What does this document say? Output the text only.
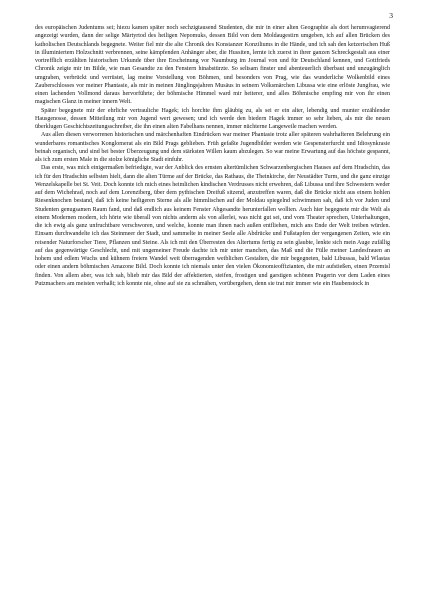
3

des europäischen Judentums sei; hiezu kamen später noch sechzigtausend Studenten, die mir in einer alten Geographie als dort herumvagierend angezeigt wurden, dann der selige Märtyrtod des heiligen Nepomuks, dessen Bild von dem Moldaugestirn umgeben, ich auf allen Brücken des katholischen Deutschlands begegnete. Weiter fiel mir die alte Chronik des Konstanzer Konziliums in die Hände, und ich sah den ketzerischen Huß in illuminiertem Holzschnitt verbrennen, seine kämpfenden Anhänger aber, die Hussiten, lernte ich zuerst in ihrer ganzen Schreckgestalt aus einer vortrefflich erzählten historischen Urkunde über ihre Erscheinung vor Naumburg im Journal von und für Deutschland kennen, und Gottfrieds Chronik zeigte mir im Bilde, wie man Gesandte zu den Fenstern hinabstürzte. So seltsam finster und abenteuerlich überbaut und unzugänglich umgraben, verbrückt und verrüstet, lag meine Vorstellung von Böhmen, und besonders von Prag, wie das wunderliche Wolkenbild eines Zauberschlosses vor meiner Phantasie, als mir in meinen Jünglingsjahren Musäus in seinem Volksmärchen Libussa wie eine erlöste Jungfrau, wie einen lachenden Vollmond daraus hervorführte; der böhmische Himmel ward mir heiterer, und alles Böhmische empfing mir von ihr einen magischen Glanz in meiner innern Welt.

Später begegnete mir der ehrliche vertrauliche Hagek; ich horchte ihm gläubig zu, als sei er ein alter, lebendig und munter erzählender Hausgenosse, dessen Mitteilung mir von Jugend wert gewesen; und ich werde den biedern Hagek immer so sehr lieben, als mir die neuen überklugen Geschichtszeitungsschreiber, die ihn einen alten Fabelhans nennen, immer nüchterne Langeweile machen werden.

Aus allen diesen verworrenen historischen und märchenhaften Eindrücken war meiner Phantasie trotz aller späteren wahrhafteren Belehrung ein wunderbares romantisches Konglomerat als ein Bild Prags geblieben. Früh gefaßte Jugendbilder werden wie Gespensterfurcht und Idiosynkrasie beinah organisch, und sind bei bester Überzeugung und dem stärksten Willen kaum abzulegen. So war meine Erwartung auf das höchste gespannt, als ich zum ersten Male in die stolze königliche Stadt einfuhr.

Das erste, was mich einigermaßen befriedigte, war der Anblick des ernsten altertümlichen Schwarzenbergischen Hauses auf dem Hradschin, das ich für den Hradschin selbsten hielt, dann die alten Türme auf der Brücke, das Rathaus, die Theinkirche, der Neustädter Turm, und die ganz einzige Wenzelskapelle bei St. Veit. Doch konnte ich mich eines heimlichen kindischen Verdrusses nicht erwehren, daß Libussa und ihre Schwestern weder auf dem Wichehrad, noch auf dem Lorenziberg, über dem pythischen Dreifuß sitzend, anzutreffen waren, daß die Brücke nicht aus einem hohlen Riesenknochen bestand, daß ich keine heiligeren Sterne als alle himmlischen auf der Moldau spiegelnd schwimmen sah, daß ich vor Juden und Studenten genugsamen Raum fand, und daß endlich aus keinem Fenster Abgesandte herunterfallen wollten. Auch hier begegnete mir die Welt als einem Modernen modern, ich hörte wie überall von nichts anderm als von allerlei, was nicht gut sei, und vom Theater sprechen, Unterhaltungen, die ich ewig als ganz unfruchtbare verschworen, und welche, konnte man ihnen nach außen entfliehen, mich ans Ende der Welt treiben würden. Einsam durchwandelte ich das Steinmeer der Stadt, und sammelte in meiner Seele alle Abdrücke und Fußstapfen der vergangenen Zeiten, wie ein reisender Naturforscher Tiere, Pflanzen und Steine. Als ich mit den Überresten des Altertums fertig zu sein glaubte, lenkte sich mein Auge zufällig auf das gegenwärtige Geschlecht, und mit ungemeiner Freude dachte ich mir unter manchen, das Maß und die Fülle meiner Landesfrauen an hohem und edlem Wuchs und kühnem freiem Wandel weit überragenden weiblichen Gestalten, die mir begegneten, bald Libussas, bald Wlastas oder einen andern böhmischen Amazone Bild. Doch konnte ich niemals unter den vielen Ökonomieoffizianten, die mir aufstießen, einen Przemisl finden. Von allem aber, was ich sah, blieb mir das Bild der affektierten, steifen, frostigen und garstigen schönen Pragerin vor dem Laden eines Putzmachers am meisten verhaßt; ich konnte nie, ohne auf sie zu schmähen, vorübergehen, denn sie trat mir immer wie ein Haubenstock in
